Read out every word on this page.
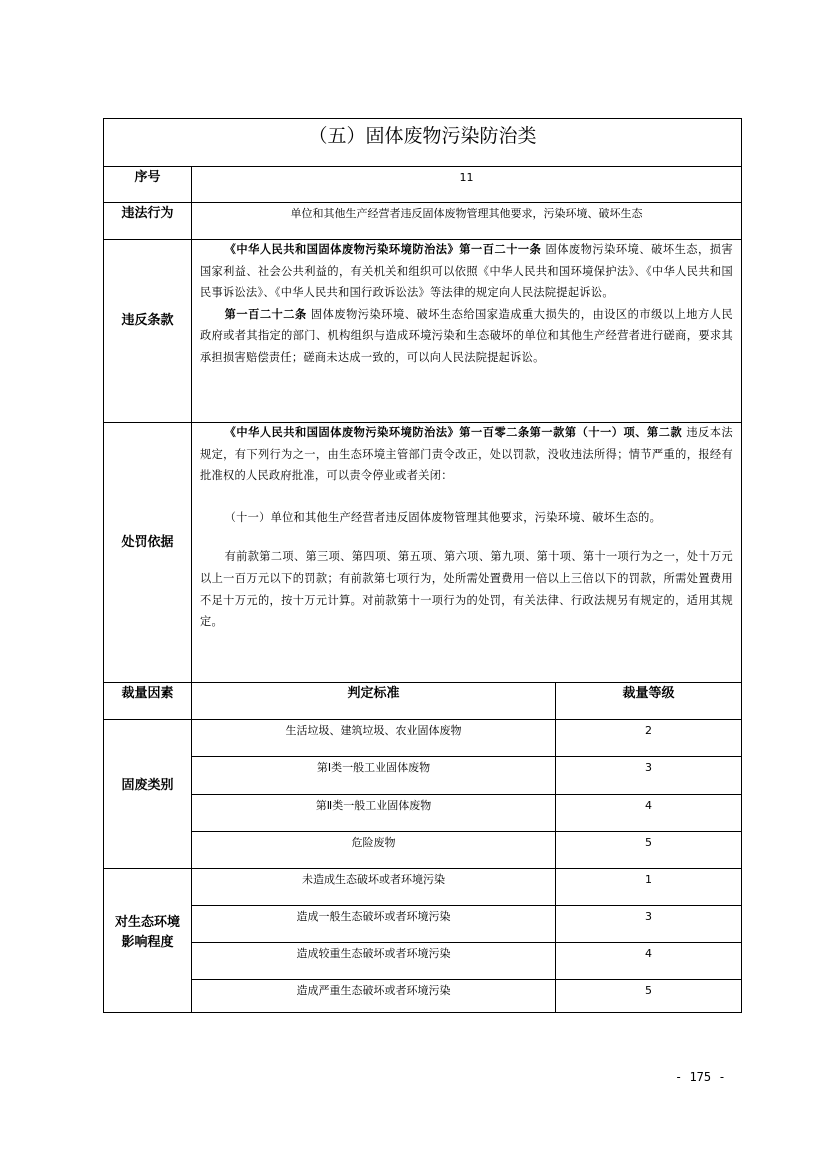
（五）固体废物污染防治类
序号	11
违法行为	单位和其他生产经营者违反固体废物管理其他要求，污染环境、破坏生态
违反条款

《中华人民共和国固体废物污染环境防治法》第一百二十一条 固体废物污染环境、破坏生态，损害国家利益、社会公共利益的，有关机关和组织可以依照《中华人民共和国环境保护法》、《中华人民共和国民事诉讼法》、《中华人民共和国行政诉讼法》等法律的规定向人民法院提起诉讼。

第一百二十二条 固体废物污染环境、破坏生态给国家造成重大损失的，由设区的市级以上地方人民政府或者其指定的部门、机构组织与造成环境污染和生态破坏的单位和其他生产经营者进行磋商，要求其承担损害赔偿责任；磋商未达成一致的，可以向人民法院提起诉讼。

处罚依据

《中华人民共和国固体废物污染环境防治法》第一百零二条第一款第（十一）项、第二款 违反本法规定，有下列行为之一，由生态环境主管部门责令改正，处以罚款，没收违法所得；情节严重的，报经有批准权的人民政府批准，可以责令停业或者关闭：

（十一）单位和其他生产经营者违反固体废物管理其他要求，污染环境、破坏生态的。

有前款第二项、第三项、第四项、第五项、第六项、第九项、第十项、第十一项行为之一，处十万元以上一百万元以下的罚款；有前款第七项行为，处所需处置费用一倍以上三倍以下的罚款，所需处置费用不足十万元的，按十万元计算。对前款第十一项行为的处罚，有关法律、行政法规另有规定的，适用其规定。

裁量因素	判定标准	裁量等级
固废类别
生活垃圾、建筑垃圾、农业固体废物	2
第Ⅰ类一般工业固体废物	3
第Ⅱ类一般工业固体废物	4
危险废物	5
对生态环境影响程度
未造成生态破坏或者环境污染	1
造成一般生态破坏或者环境污染	3
造成较重生态破坏或者环境污染	4
造成严重生态破坏或者环境污染	5
- 175 -
